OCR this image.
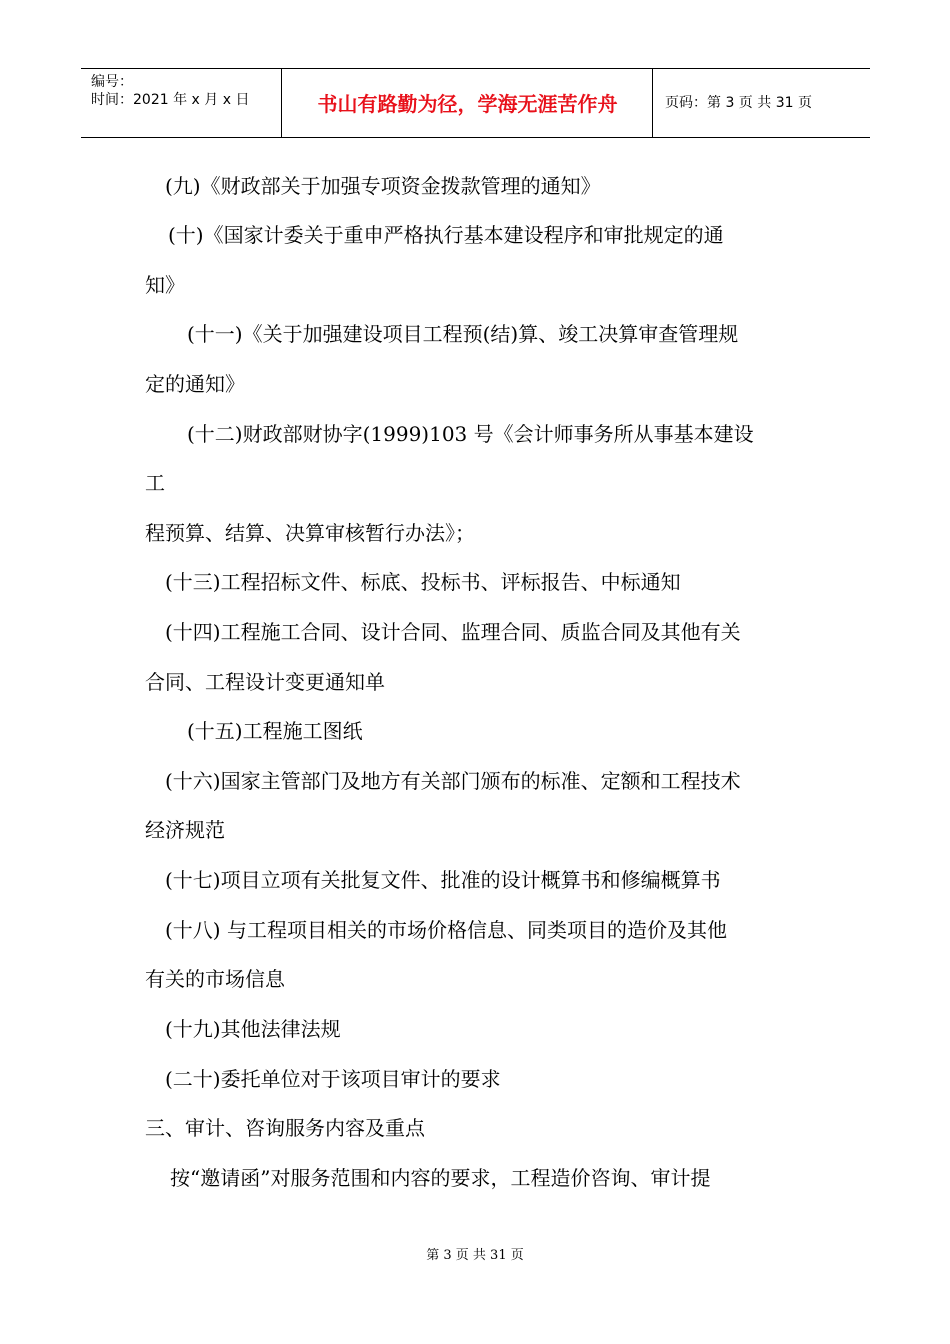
编号：
时间：2021 年 x 月 x 日	书山有路勤为径，学海无涯苦作舟	页码：第 3 页 共 31 页
(九)《财政部关于加强专项资金拨款管理的通知》
(十)《国家计委关于重申严格执行基本建设程序和审批规定的通
知》
(十一)《关于加强建设项目工程预(结)算、竣工决算审查管理规
定的通知》
(十二)财政部财协字(1999)103 号《会计师事务所从事基本建设
工
程预算、结算、决算审核暂行办法》；
(十三)工程招标文件、标底、投标书、评标报告、中标通知
(十四)工程施工合同、设计合同、监理合同、质监合同及其他有关
合同、工程设计变更通知单
(十五)工程施工图纸
(十六)国家主管部门及地方有关部门颁布的标准、定额和工程技术
经济规范
(十七)项目立项有关批复文件、批准的设计概算书和修编概算书
(十八) 与工程项目相关的市场价格信息、同类项目的造价及其他
有关的市场信息
(十九)其他法律法规
(二十)委托单位对于该项目审计的要求
三、审计、咨询服务内容及重点
按“邀请函”对服务范围和内容的要求，工程造价咨询、审计提
第 3 页 共 31 页
